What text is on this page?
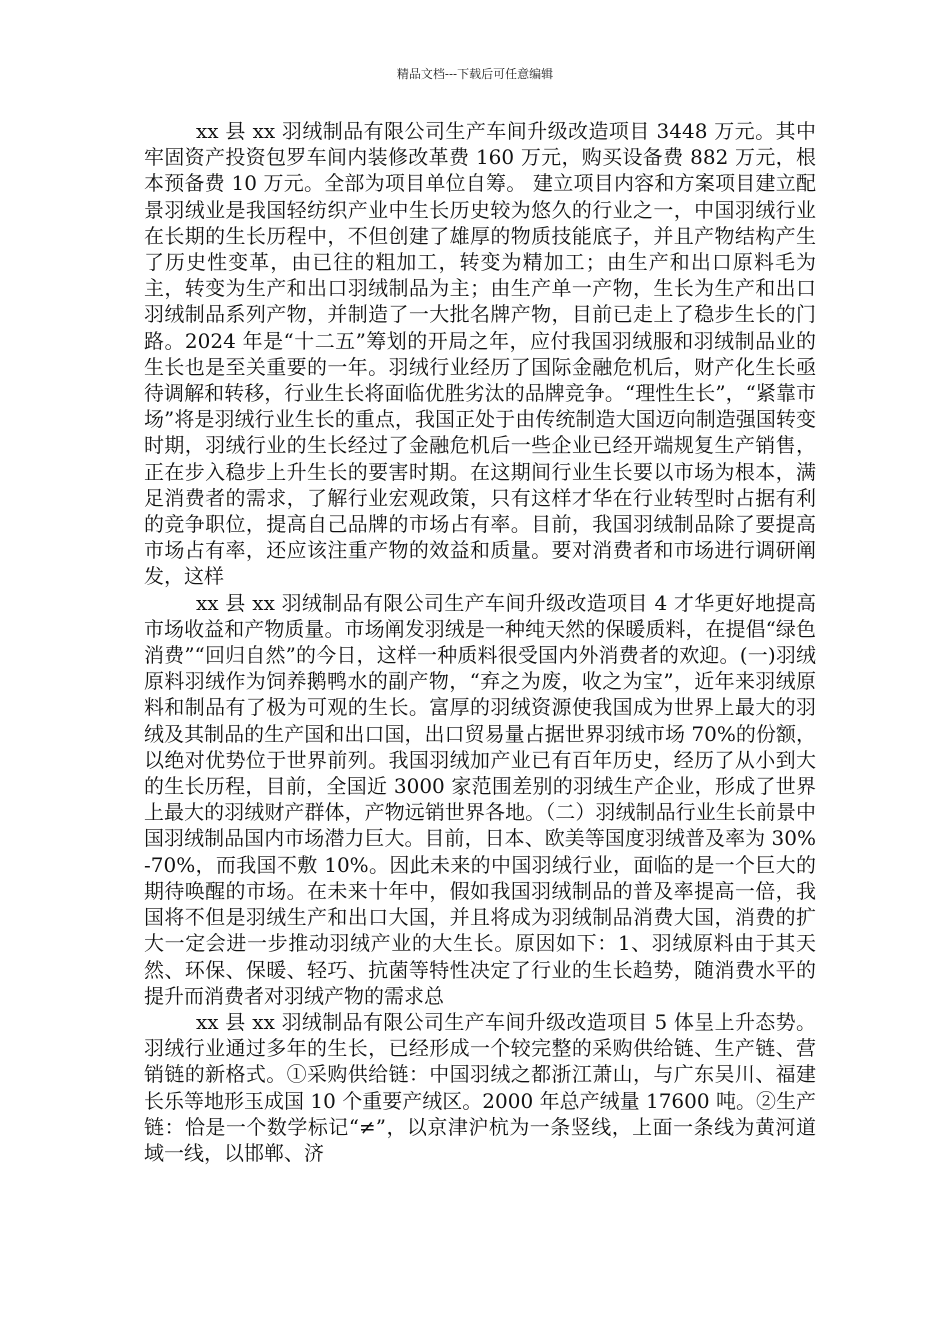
精品文档---下载后可任意编辑

xx 县 xx 羽绒制品有限公司生产车间升级改造项目 3448 万元。其中牢固资产投资包罗车间内装修改革费 160 万元，购买设备费 882 万元，根本预备费 10 万元。全部为项目单位自筹。 建立项目内容和方案项目建立配景羽绒业是我国轻纺织产业中生长历史较为悠久的行业之一，中国羽绒行业在长期的生长历程中，不但创建了雄厚的物质技能底子，并且产物结构产生了历史性变革，由已往的粗加工，转变为精加工；由生产和出口原料毛为主，转变为生产和出口羽绒制品为主；由生产单一产物，生长为生产和出口羽绒制品系列产物，并制造了一大批名牌产物，目前已走上了稳步生长的门路。2024 年是“十二五”筹划的开局之年，应付我国羽绒服和羽绒制品业的生长也是至关重要的一年。羽绒行业经历了国际金融危机后，财产化生长亟待调解和转移，行业生长将面临优胜劣汰的品牌竞争。“理性生长”，“紧靠市场”将是羽绒行业生长的重点，我国正处于由传统制造大国迈向制造强国转变时期，羽绒行业的生长经过了金融危机后一些企业已经开端规复生产销售，正在步入稳步上升生长的要害时期。在这期间行业生长要以市场为根本，满足消费者的需求，了解行业宏观政策，只有这样才华在行业转型时占据有利的竞争职位，提高自己品牌的市场占有率。目前，我国羽绒制品除了要提高市场占有率，还应该注重产物的效益和质量。要对消费者和市场进行调研阐发，这样

xx 县 xx 羽绒制品有限公司生产车间升级改造项目 4 才华更好地提高市场收益和产物质量。市场阐发羽绒是一种纯天然的保暖质料，在提倡“绿色消费”“回归自然”的今日，这样一种质料很受国内外消费者的欢迎。(一)羽绒原料羽绒作为饲养鹅鸭水的副产物，“弃之为废，收之为宝”，近年来羽绒原料和制品有了极为可观的生长。富厚的羽绒资源使我国成为世界上最大的羽绒及其制品的生产国和出口国，出口贸易量占据世界羽绒市场 70%的份额，以绝对优势位于世界前列。我国羽绒加产业已有百年历史，经历了从小到大的生长历程，目前，全国近 3000 家范围差别的羽绒生产企业，形成了世界上最大的羽绒财产群体，产物远销世界各地。（二）羽绒制品行业生长前景中国羽绒制品国内市场潜力巨大。目前，日本、欧美等国度羽绒普及率为 30%-70%，而我国不敷 10%。因此未来的中国羽绒行业，面临的是一个巨大的期待唤醒的市场。在未来十年中，假如我国羽绒制品的普及率提高一倍，我国将不但是羽绒生产和出口大国，并且将成为羽绒制品消费大国，消费的扩大一定会进一步推动羽绒产业的大生长。原因如下：1、羽绒原料由于其天然、环保、保暖、轻巧、抗菌等特性决定了行业的生长趋势，随消费水平的提升而消费者对羽绒产物的需求总

xx 县 xx 羽绒制品有限公司生产车间升级改造项目 5 体呈上升态势。羽绒行业通过多年的生长，已经形成一个较完整的采购供给链、生产链、营销链的新格式。①采购供给链：中国羽绒之都浙江萧山，与广东吴川、福建长乐等地形玉成国 10 个重要产绒区。2000 年总产绒量 17600 吨。②生产链：恰是一个数学标记“≠”，以京津沪杭为一条竖线，上面一条线为黄河道域一线，以邯郸、济
